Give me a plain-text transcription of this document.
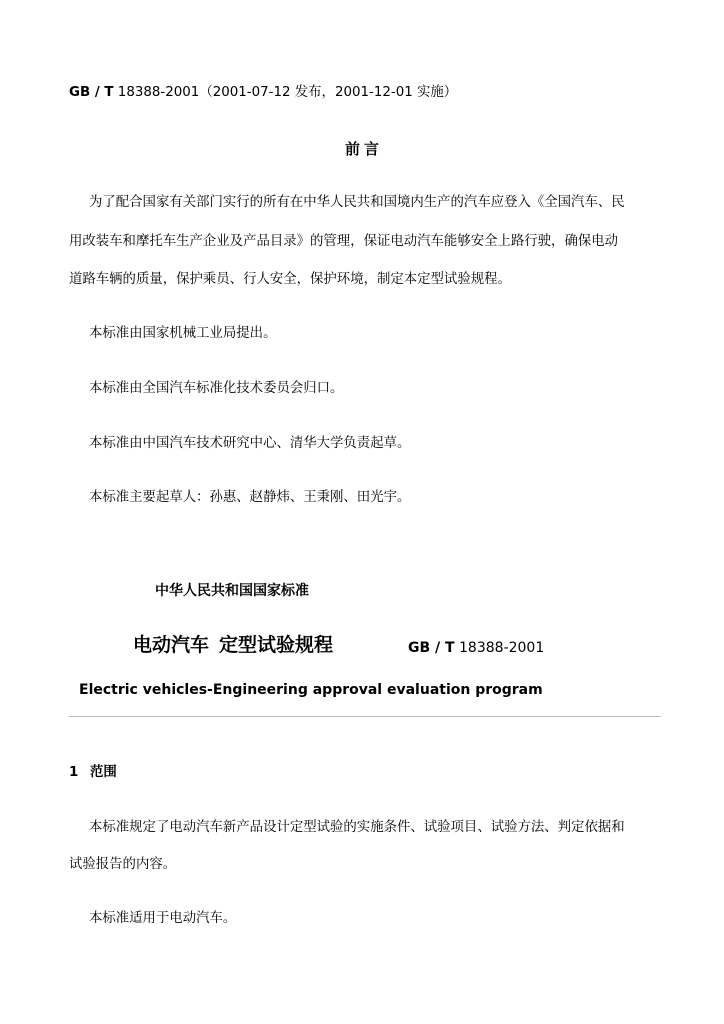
GB / T 18388-2001（2001-07-12 发布，2001-12-01 实施）
前言
为了配合国家有关部门实行的所有在中华人民共和国境内生产的汽车应登入《全国汽车、民
用改装车和摩托车生产企业及产品目录》的管理，保证电动汽车能够安全上路行驶，确保电动
道路车辆的质量，保护乘员、行人安全，保护环境，制定本定型试验规程。
本标准由国家机械工业局提出。
本标准由全国汽车标准化技术委员会归口。
本标准由中国汽车技术研究中心、清华大学负责起草。
本标准主要起草人：孙惠、赵静炜、王秉刚、田光宇。
中华人民共和国国家标准
电动汽车 定型试验规程	GB / T 18388-2001
Electric vehicles-Engineering approval evaluation program
1 范围
本标准规定了电动汽车新产品设计定型试验的实施条件、试验项目、试验方法、判定依据和
试验报告的内容。
本标准适用于电动汽车。
